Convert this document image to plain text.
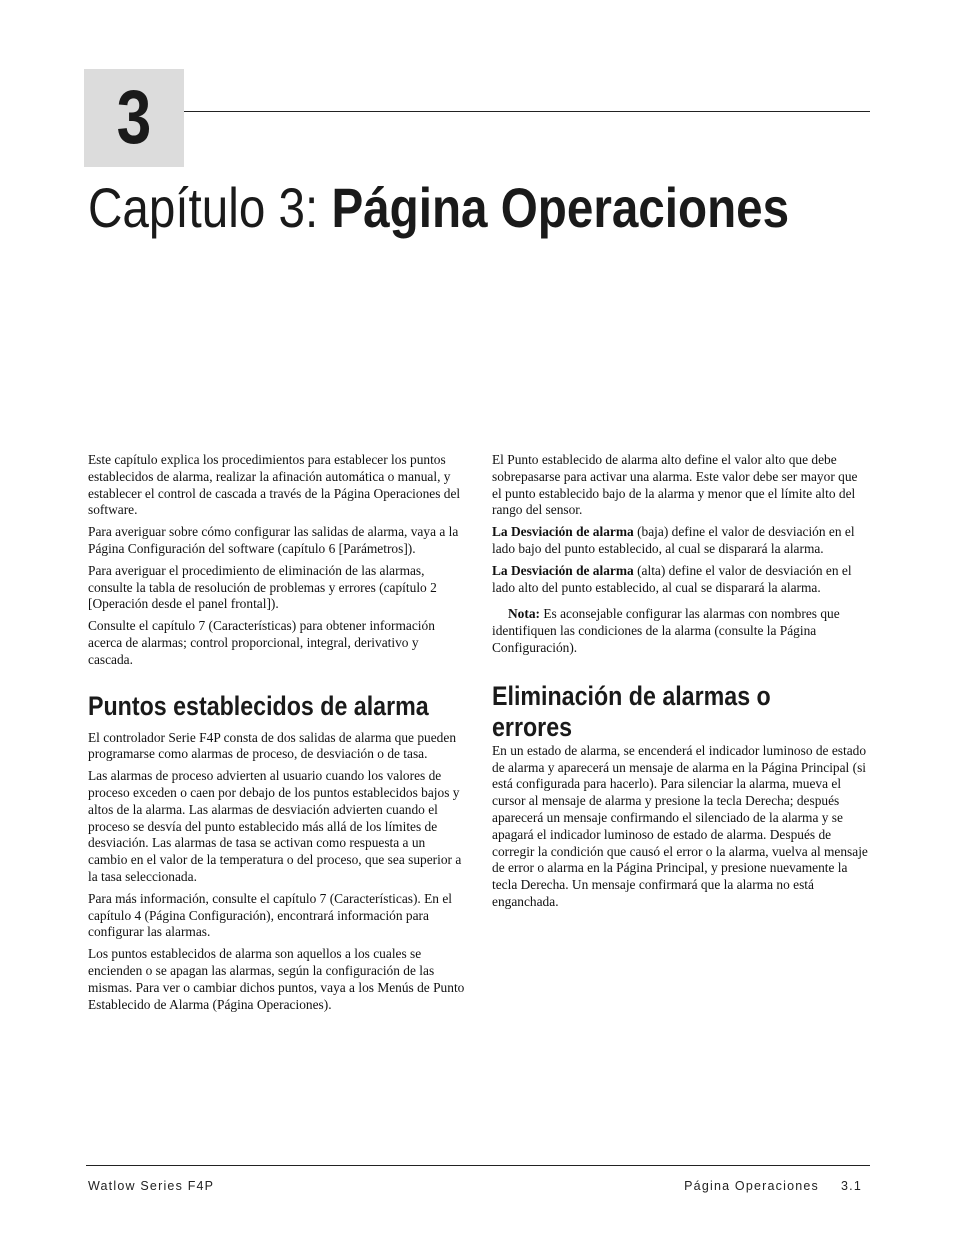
3
Capítulo 3: Página Operaciones

Este capítulo explica los procedimientos para establecer los puntos establecidos de alarma, realizar la afinación automática o manual, y establecer el control de cascada a través de la Página Operaciones del software.

Para averiguar sobre cómo configurar las salidas de alarma, vaya a la Página Configuración del software (capítulo 6 [Parámetros]).

Para averiguar el procedimiento de eliminación de las alarmas, consulte la tabla de resolución de problemas y errores (capítulo 2 [Operación desde el panel frontal]).

Consulte el capítulo 7 (Características) para obtener información acerca de alarmas; control proporcional, integral, derivativo y cascada.

Puntos establecidos de alarma

El controlador Serie F4P consta de dos salidas de alarma que pueden programarse como alarmas de proceso, de desviación o de tasa.

Las alarmas de proceso advierten al usuario cuando los valores de proceso exceden o caen por debajo de los puntos establecidos bajos y altos de la alarma. Las alarmas de desviación advierten cuando el proceso se desvía del punto establecido más allá de los límites de desviación. Las alarmas de tasa se activan como respuesta a un cambio en el valor de la temperatura o del proceso, que sea superior a la tasa seleccionada.

Para más información, consulte el capítulo 7 (Características). En el capítulo 4 (Página Configuración), encontrará información para configurar las alarmas.

Los puntos establecidos de alarma son aquellos a los cuales se encienden o se apagan las alarmas, según la configuración de las mismas. Para ver o cambiar dichos puntos, vaya a los Menús de Punto Establecido de Alarma (Página Operaciones).

El Punto establecido de alarma alto define el valor alto que debe sobrepasarse para activar una alarma. Este valor debe ser mayor que el punto establecido bajo de la alarma y menor que el límite alto del rango del sensor.

La Desviación de alarma (baja) define el valor de desviación en el lado bajo del punto establecido, al cual se disparará la alarma.

La Desviación de alarma (alta) define el valor de desviación en el lado alto del punto establecido, al cual se disparará la alarma.

Nota: Es aconsejable configurar las alarmas con nombres que identifiquen las condiciones de la alarma (consulte la Página Configuración).

Eliminación de alarmas o
errores

En un estado de alarma, se encenderá el indicador luminoso de estado de alarma y aparecerá un mensaje de alarma en la Página Principal (si está configurada para hacerlo). Para silenciar la alarma, mueva el cursor al mensaje de alarma y presione la tecla Derecha; después aparecerá un mensaje confirmando el silenciado de la alarma y se apagará el indicador luminoso de estado de alarma. Después de corregir la condición que causó el error o la alarma, vuelva al mensaje de error o alarma en la Página Principal, y presione nuevamente la tecla Derecha. Un mensaje confirmará que la alarma no está enganchada.

Watlow Series F4P	Página Operaciones 3.1
